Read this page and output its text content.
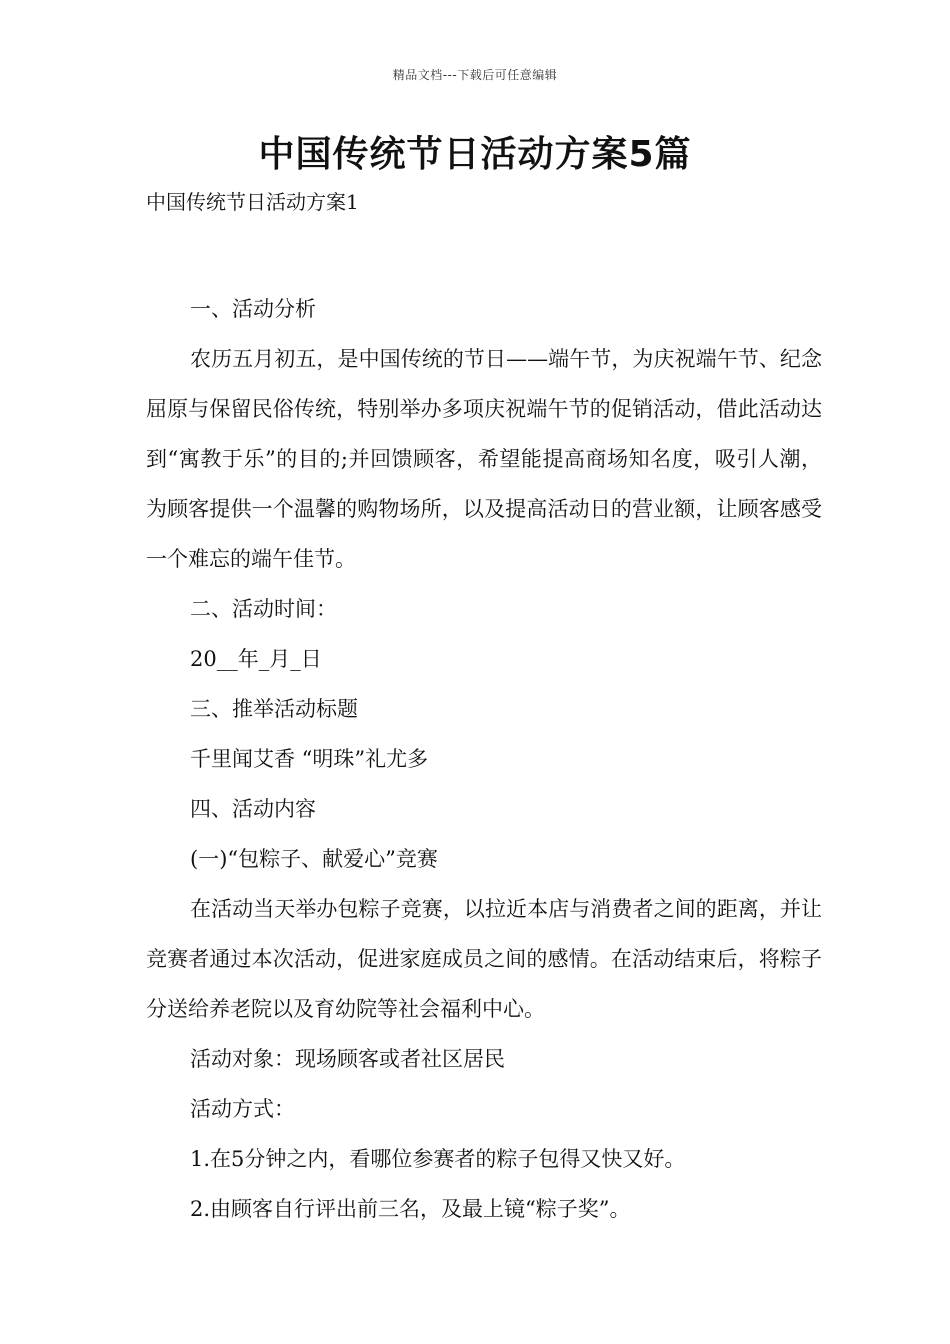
精品文档---下载后可任意编辑
中国传统节日活动方案5篇

中国传统节日活动方案1

一、活动分析

农历五月初五，是中国传统的节日——端午节，为庆祝端午节、纪念屈原与保留民俗传统，特别举办多项庆祝端午节的促销活动，借此活动达到“寓教于乐”的目的;并回馈顾客，希望能提高商场知名度，吸引人潮，为顾客提供一个温馨的购物场所，以及提高活动日的营业额，让顾客感受一个难忘的端午佳节。

二、活动时间：

20__年_月_日

三、推举活动标题

千里闻艾香 “明珠”礼尤多

四、活动内容

(一)“包粽子、献爱心”竞赛

在活动当天举办包粽子竞赛，以拉近本店与消费者之间的距离，并让竞赛者通过本次活动，促进家庭成员之间的感情。在活动结束后，将粽子分送给养老院以及育幼院等社会福利中心。

活动对象：现场顾客或者社区居民

活动方式：

1.在5分钟之内，看哪位参赛者的粽子包得又快又好。

2.由顾客自行评出前三名，及最上镜“粽子奖”。
